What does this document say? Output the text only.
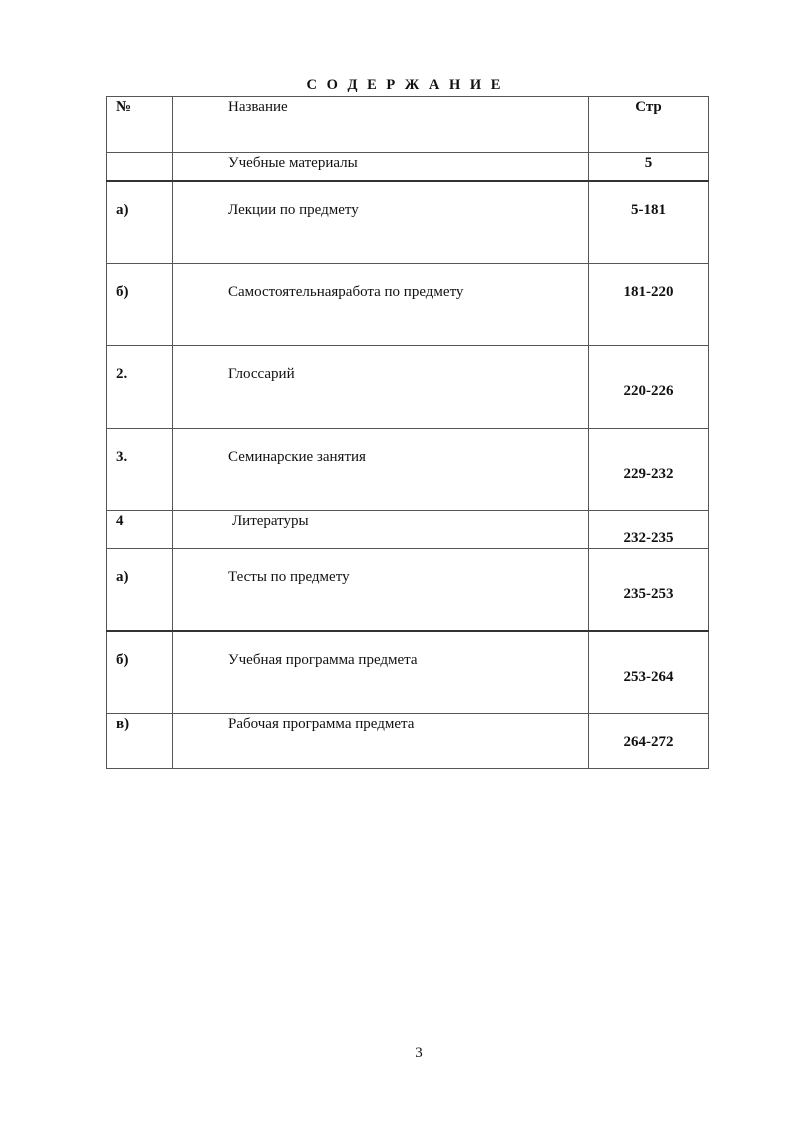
С О Д Е Р Ж А Н И Е
№	Название	Стр

	Учебные материалы	5

а)	Лекции по предмету	5-181

б)	Самостоятельнаяработа по предмету	181-220

2.	Глоссарий	220-226

3.	Семинарские занятия	229-232

4	Литературы	232-235

а)	Тесты по предмету	235-253

б)	Учебная программа предмета	253-264

в)	Рабочая программа предмета	264-272
3
